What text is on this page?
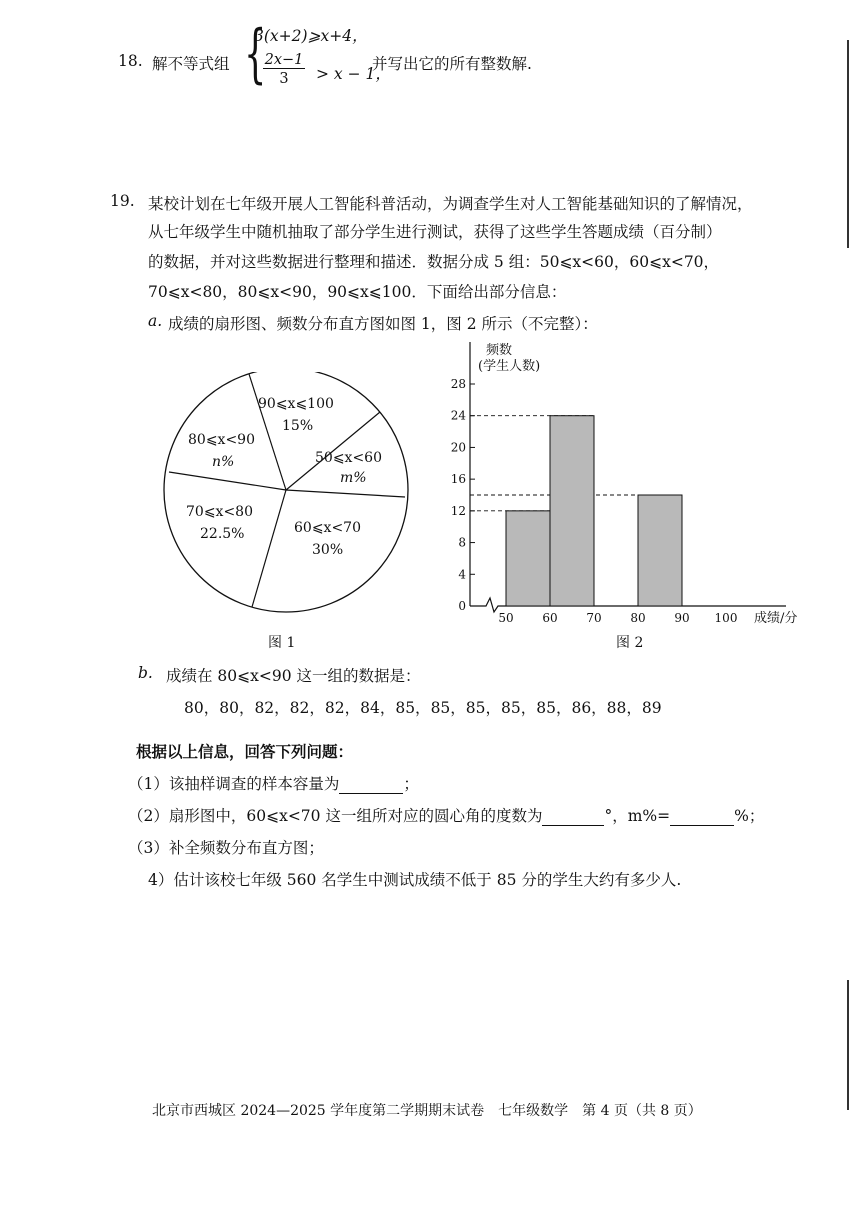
18. 解不等式组 {
3(x+2)⩾x+4，
$\frac{2x-1}{3} > x - 1$，
并写出它的所有整数解.
19. 某校计划在七年级开展人工智能科普活动，为调查学生对人工智能基础知识的了解情况，
从七年级学生中随机抽取了部分学生进行测试，获得了这些学生答题成绩（百分制）
的数据，并对这些数据进行整理和描述．数据分成 5 组：50⩽x<60，60⩽x<70，
70⩽x<80，80⩽x<90，90⩽x⩽100．下面给出部分信息：
a. 成绩的扇形图、频数分布直方图如图 1，图 2 所示（不完整）：
90⩽x⩽100
15%
50⩽x<60
m%
60⩽x<70
30%
70⩽x<80
22.5%
80⩽x<90
n%
图 1
频数
(学生人数)
0
4
8
12
16
20
24
28
50 60 70 80 90 100 成绩/分
图 2
b. 成绩在 80⩽x<90 这一组的数据是：
80，80，82，82，82，84，85，85，85，85，85，86，88，89
根据以上信息，回答下列问题：
（1）该抽样调查的样本容量为	；
（2）扇形图中，60⩽x<70 这一组所对应的圆心角的度数为	°，m%=	%；
（3）补全频数分布直方图；
4）估计该校七年级 560 名学生中测试成绩不低于 85 分的学生大约有多少人.
北京市西城区 2024—2025 学年度第二学期期末试卷　七年级数学　第 4 页（共 8 页）
